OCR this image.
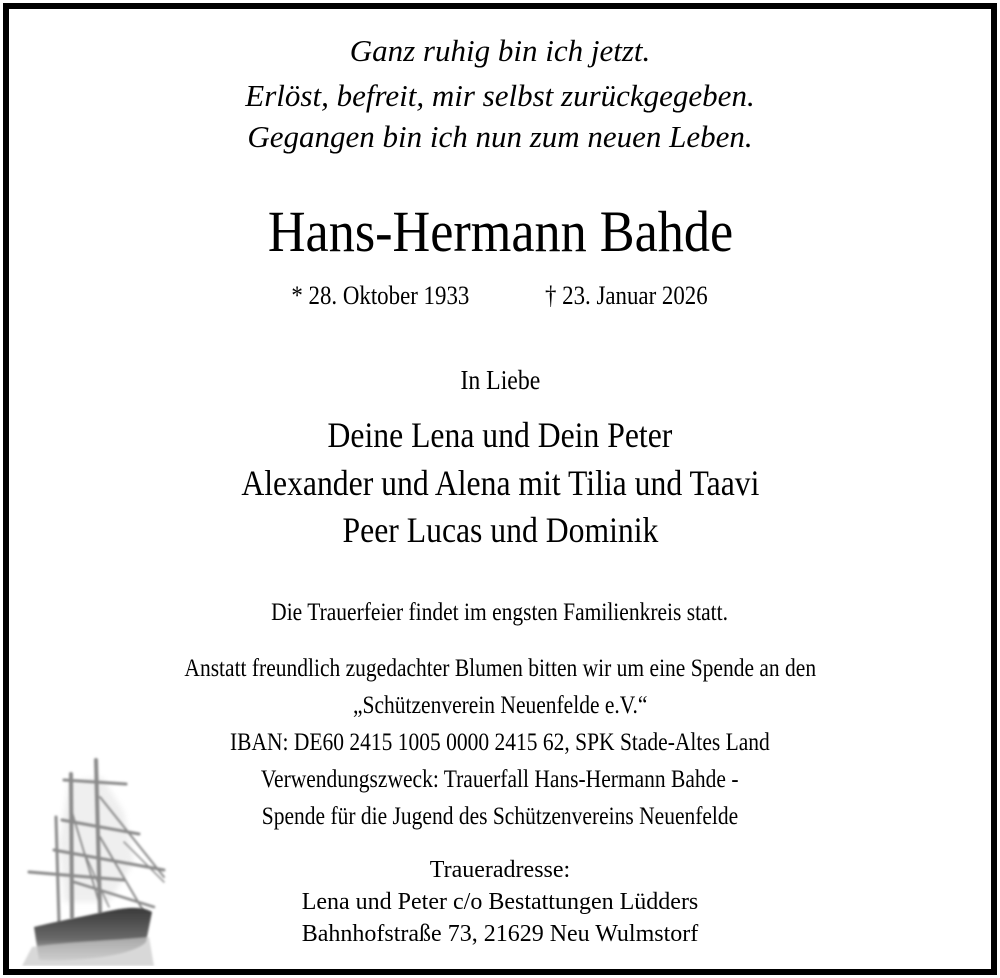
Ganz ruhig bin ich jetzt.
Erlöst, befreit, mir selbst zurückgegeben.
Gegangen bin ich nun zum neuen Leben.
Hans-Hermann Bahde
* 28. Oktober 1933	† 23. Januar 2026
In Liebe
Deine Lena und Dein Peter
Alexander und Alena mit Tilia und Taavi
Peer Lucas und Dominik
Die Trauerfeier findet im engsten Familienkreis statt.
Anstatt freundlich zugedachter Blumen bitten wir um eine Spende an den
„Schützenverein Neuenfelde e.V.“
IBAN: DE60 2415 1005 0000 2415 62, SPK Stade-Altes Land
Verwendungszweck: Trauerfall Hans-Hermann Bahde -
Spende für die Jugend des Schützenvereins Neuenfelde
Traueradresse:
Lena und Peter c/o Bestattungen Lüdders
Bahnhofstraße 73, 21629 Neu Wulmstorf
